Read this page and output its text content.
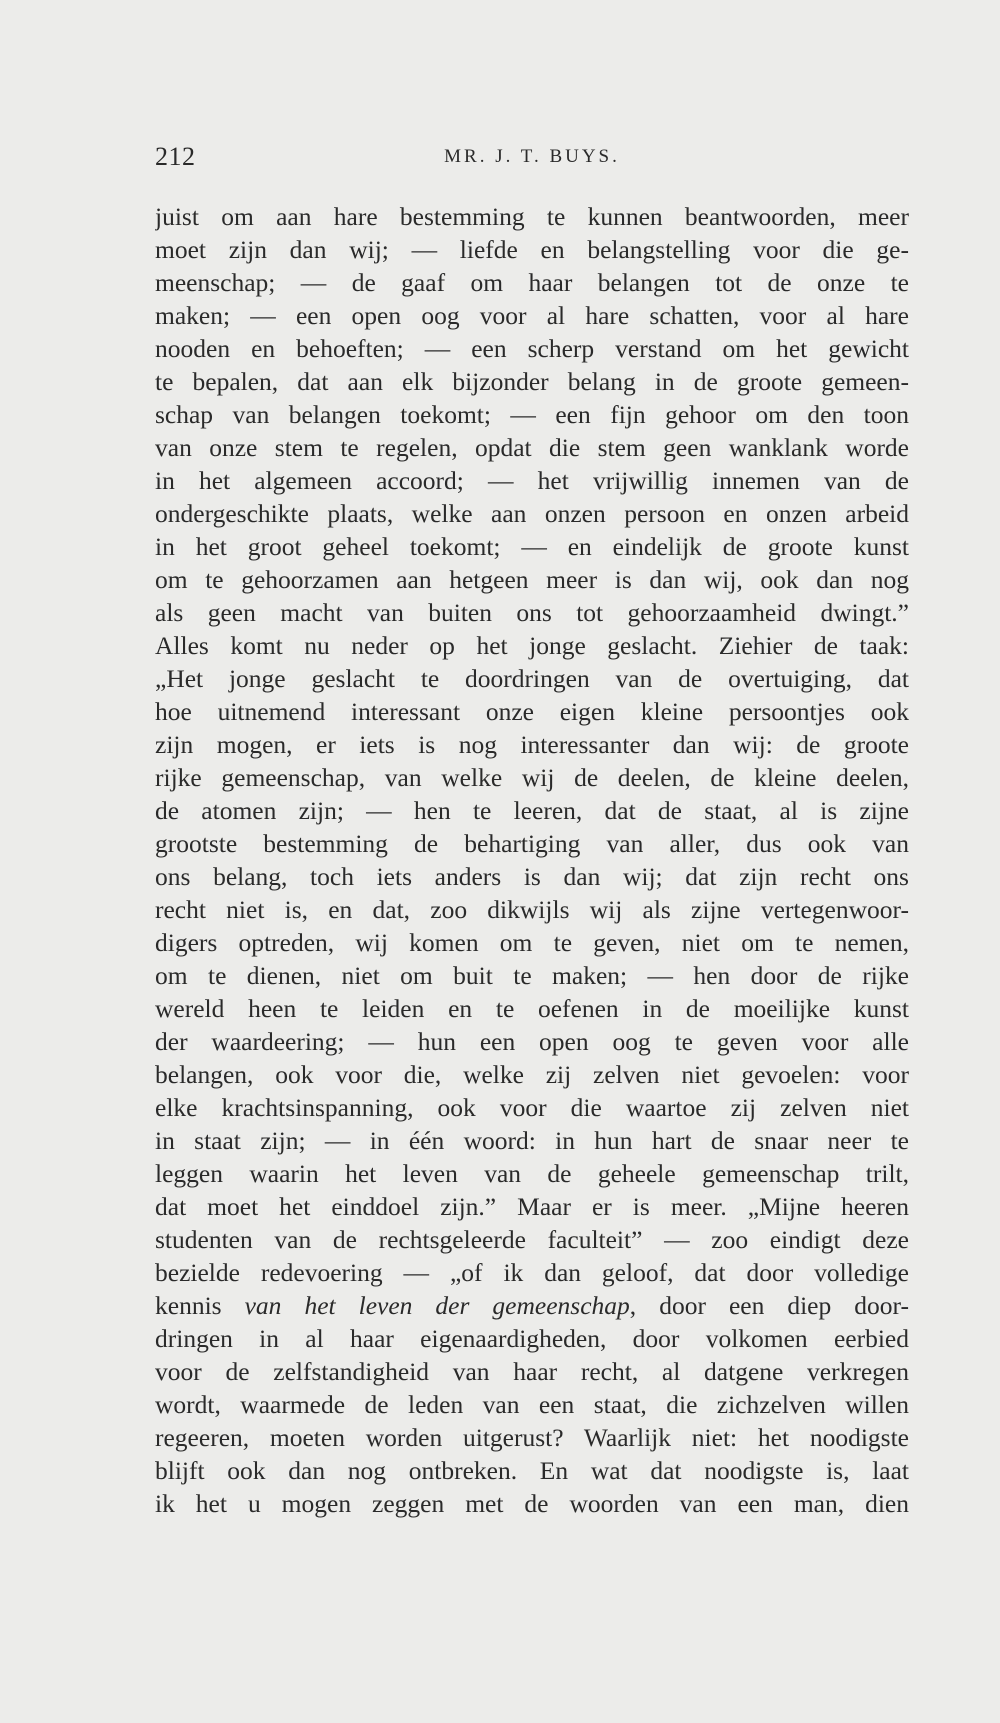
212	MR. J. T. BUYS.
juist om aan hare bestemming te kunnen beantwoorden, meer
moet zijn dan wij; — liefde en belangstelling voor die ge-
meenschap; — de gaaf om haar belangen tot de onze te
maken; — een open oog voor al hare schatten, voor al hare
nooden en behoeften; — een scherp verstand om het gewicht
te bepalen, dat aan elk bijzonder belang in de groote gemeen-
schap van belangen toekomt; — een fijn gehoor om den toon
van onze stem te regelen, opdat die stem geen wanklank worde
in het algemeen accoord; — het vrijwillig innemen van de
ondergeschikte plaats, welke aan onzen persoon en onzen arbeid
in het groot geheel toekomt; — en eindelijk de groote kunst
om te gehoorzamen aan hetgeen meer is dan wij, ook dan nog
als geen macht van buiten ons tot gehoorzaamheid dwingt.”
Alles komt nu neder op het jonge geslacht. Ziehier de taak:
„Het jonge geslacht te doordringen van de overtuiging, dat
hoe uitnemend interessant onze eigen kleine persoontjes ook
zijn mogen, er iets is nog interessanter dan wij: de groote
rijke gemeenschap, van welke wij de deelen, de kleine deelen,
de atomen zijn; — hen te leeren, dat de staat, al is zijne
grootste bestemming de behartiging van aller, dus ook van
ons belang, toch iets anders is dan wij; dat zijn recht ons
recht niet is, en dat, zoo dikwijls wij als zijne vertegenwoor-
digers optreden, wij komen om te geven, niet om te nemen,
om te dienen, niet om buit te maken; — hen door de rijke
wereld heen te leiden en te oefenen in de moeilijke kunst
der waardeering; — hun een open oog te geven voor alle
belangen, ook voor die, welke zij zelven niet gevoelen: voor
elke krachtsinspanning, ook voor die waartoe zij zelven niet
in staat zijn; — in één woord: in hun hart de snaar neer te
leggen waarin het leven van de geheele gemeenschap trilt,
dat moet het einddoel zijn.” Maar er is meer. „Mijne heeren
studenten van de rechtsgeleerde faculteit” — zoo eindigt deze
bezielde redevoering — „of ik dan geloof, dat door volledige
kennis van het leven der gemeenschap, door een diep door-
dringen in al haar eigenaardigheden, door volkomen eerbied
voor de zelfstandigheid van haar recht, al datgene verkregen
wordt, waarmede de leden van een staat, die zichzelven willen
regeeren, moeten worden uitgerust? Waarlijk niet: het noodigste
blijft ook dan nog ontbreken. En wat dat noodigste is, laat
ik het u mogen zeggen met de woorden van een man, dien
